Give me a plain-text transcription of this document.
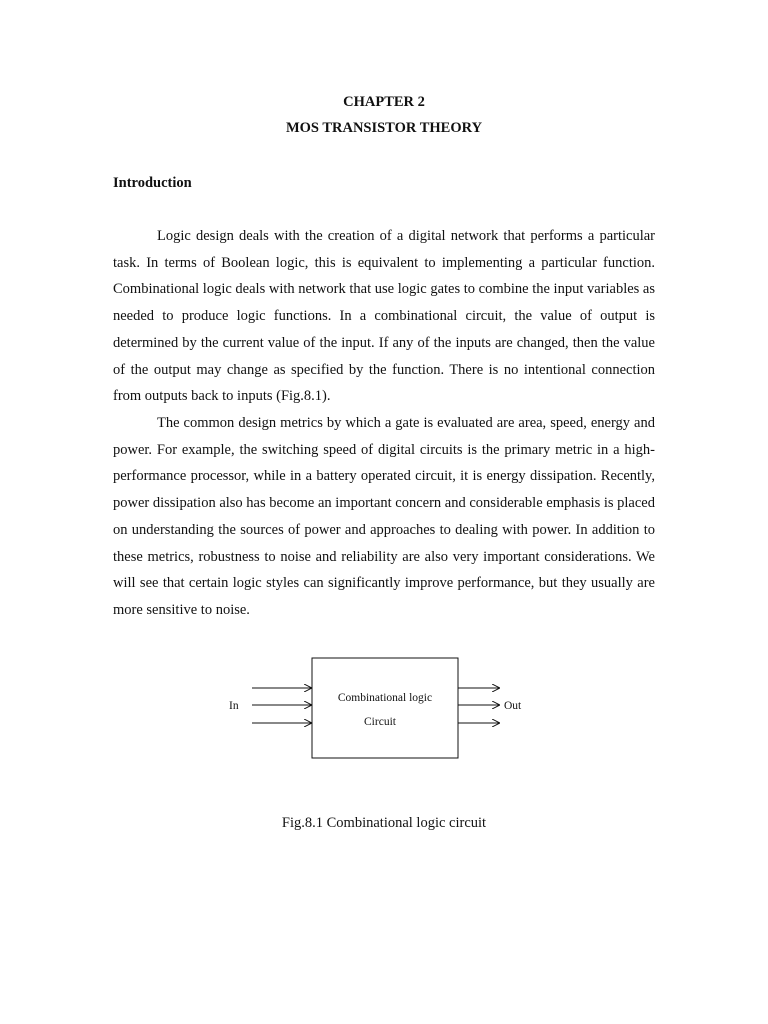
CHAPTER 2
MOS TRANSISTOR THEORY
Introduction

Logic design deals with the creation of a digital network that performs a particular task. In terms of Boolean logic, this is equivalent to implementing a particular function. Combinational logic deals with network that use logic gates to combine the input variables as needed to produce logic functions. In a combinational circuit, the value of output is determined by the current value of the input. If any of the inputs are changed, then the value of the output may change as specified by the function. There is no intentional connection from outputs back to inputs (Fig.8.1).

The common design metrics by which a gate is evaluated are area, speed, energy and power. For example, the switching speed of digital circuits is the primary metric in a high-performance processor, while in a battery operated circuit, it is energy dissipation. Recently, power dissipation also has become an important concern and considerable emphasis is placed on understanding the sources of power and approaches to dealing with power. In addition to these metrics, robustness to noise and reliability are also very important considerations. We will see that certain logic styles can significantly improve performance, but they usually are more sensitive to noise.

In	Out
Combinational logic
Circuit
Fig.8.1 Combinational logic circuit
